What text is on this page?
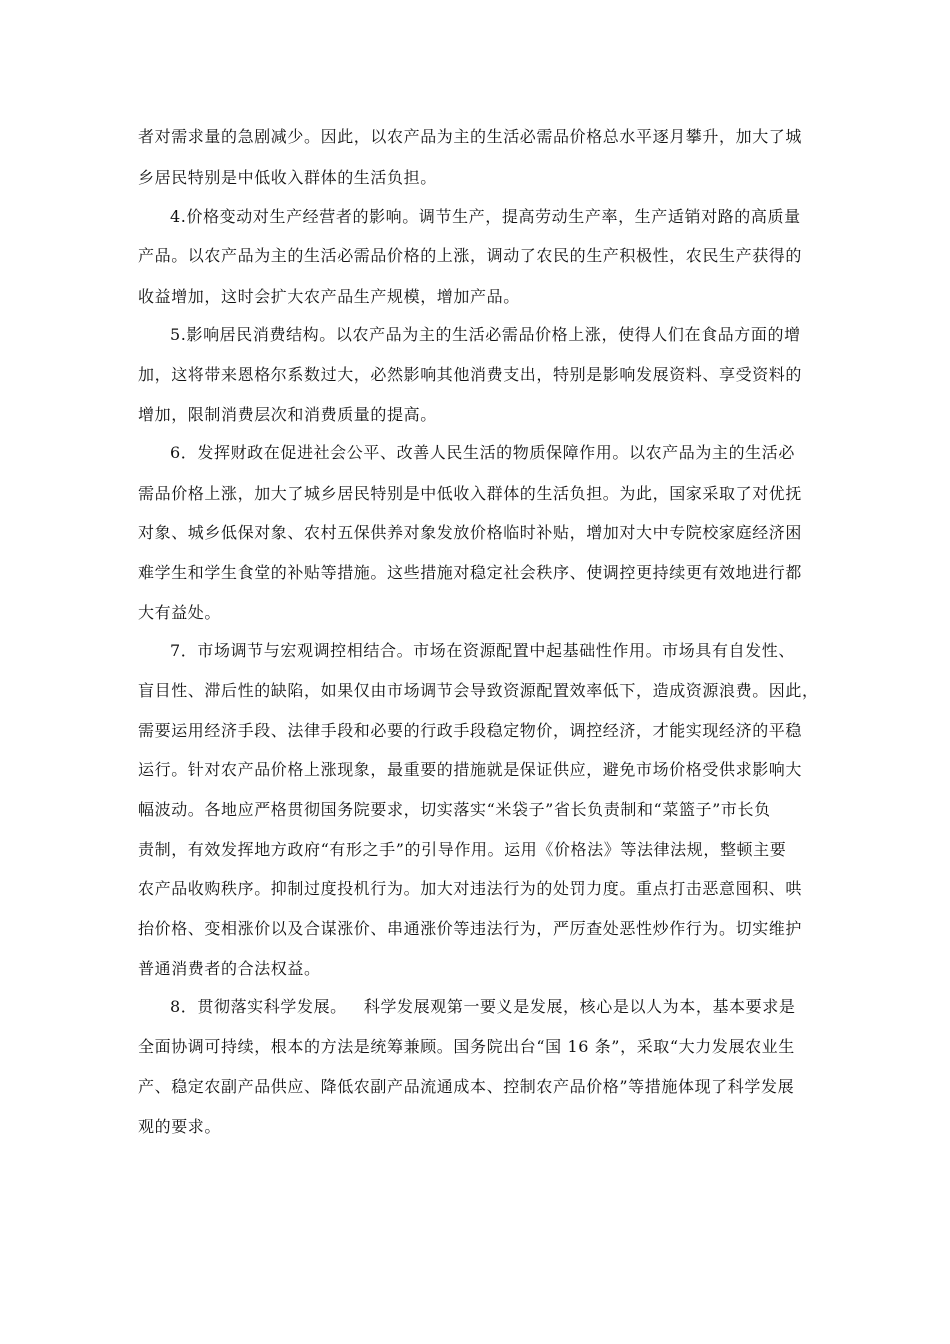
者对需求量的急剧减少。因此，以农产品为主的生活必需品价格总水平逐月攀升，加大了城
乡居民特别是中低收入群体的生活负担。
4.价格变动对生产经营者的影响。调节生产，提高劳动生产率，生产适销对路的高质量
产品。以农产品为主的生活必需品价格的上涨，调动了农民的生产积极性，农民生产获得的
收益增加，这时会扩大农产品生产规模，增加产品。
5.影响居民消费结构。以农产品为主的生活必需品价格上涨，使得人们在食品方面的增
加，这将带来恩格尔系数过大，必然影响其他消费支出，特别是影响发展资料、享受资料的
增加，限制消费层次和消费质量的提高。
6．发挥财政在促进社会公平、改善人民生活的物质保障作用。以农产品为主的生活必
需品价格上涨，加大了城乡居民特别是中低收入群体的生活负担。为此，国家采取了对优抚
对象、城乡低保对象、农村五保供养对象发放价格临时补贴，增加对大中专院校家庭经济困
难学生和学生食堂的补贴等措施。这些措施对稳定社会秩序、使调控更持续更有效地进行都
大有益处。
7．市场调节与宏观调控相结合。市场在资源配置中起基础性作用。市场具有自发性、
盲目性、滞后性的缺陷，如果仅由市场调节会导致资源配置效率低下，造成资源浪费。因此，
需要运用经济手段、法律手段和必要的行政手段稳定物价，调控经济，才能实现经济的平稳
运行。针对农产品价格上涨现象，最重要的措施就是保证供应，避免市场价格受供求影响大
幅波动。各地应严格贯彻国务院要求，切实落实“米袋子”省长负责制和“菜篮子”市长负
责制，有效发挥地方政府“有形之手”的引导作用。运用《价格法》等法律法规，整顿主要
农产品收购秩序。抑制过度投机行为。加大对违法行为的处罚力度。重点打击恶意囤积、哄
抬价格、变相涨价以及合谋涨价、串通涨价等违法行为，严厉查处恶性炒作行为。切实维护
普通消费者的合法权益。
8．贯彻落实科学发展。   科学发展观第一要义是发展，核心是以人为本，基本要求是
全面协调可持续，根本的方法是统筹兼顾。国务院出台“国 16 条”，采取“大力发展农业生
产、稳定农副产品供应、降低农副产品流通成本、控制农产品价格”等措施体现了科学发展
观的要求。
